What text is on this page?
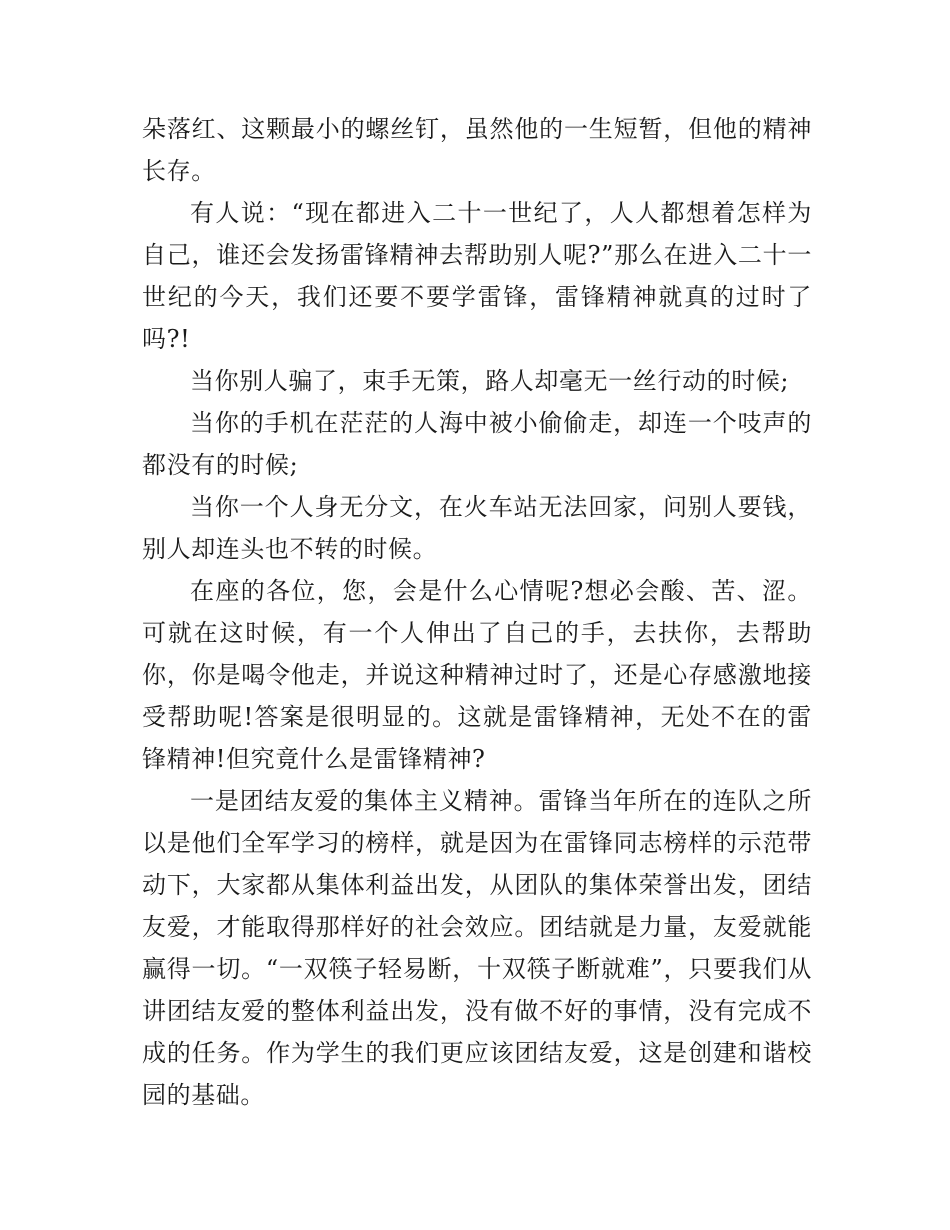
朵落红、这颗最小的螺丝钉，虽然他的一生短暂，但他的精神长存。

有人说：“现在都进入二十一世纪了，人人都想着怎样为自己，谁还会发扬雷锋精神去帮助别人呢?”那么在进入二十一世纪的今天，我们还要不要学雷锋，雷锋精神就真的过时了吗?!

当你别人骗了，束手无策，路人却毫无一丝行动的时候;

当你的手机在茫茫的人海中被小偷偷走，却连一个吱声的都没有的时候;

当你一个人身无分文，在火车站无法回家，问别人要钱，别人却连头也不转的时候。

在座的各位，您，会是什么心情呢?想必会酸、苦、涩。可就在这时候，有一个人伸出了自己的手，去扶你，去帮助你，你是喝令他走，并说这种精神过时了，还是心存感激地接受帮助呢!答案是很明显的。这就是雷锋精神，无处不在的雷锋精神!但究竟什么是雷锋精神?

一是团结友爱的集体主义精神。雷锋当年所在的连队之所以是他们全军学习的榜样，就是因为在雷锋同志榜样的示范带动下，大家都从集体利益出发，从团队的集体荣誉出发，团结友爱，才能取得那样好的社会效应。团结就是力量，友爱就能赢得一切。“一双筷子轻易断，十双筷子断就难”，只要我们从讲团结友爱的整体利益出发，没有做不好的事情，没有完成不成的任务。作为学生的我们更应该团结友爱，这是创建和谐校园的基础。
